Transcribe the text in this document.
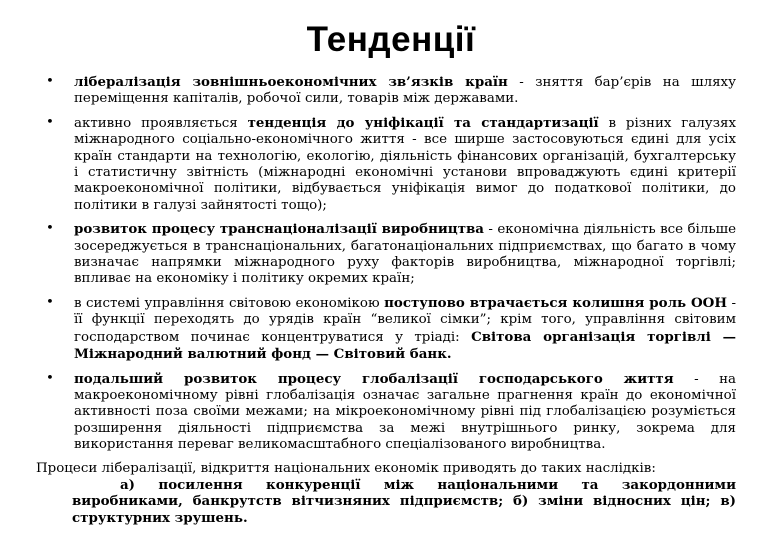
Тенденції
•	лібералізація зовнішньоекономічних зв’язків країн - зняття бар’єрів на шляху переміщення капіталів, робочої сили, товарів між державами.
•	активно проявляється тенденція до уніфікації та стандартизації в різних галузях міжнародного соціально-економічного життя - все ширше застосовуються єдині для усіх країн стандарти на технологію, екологію, діяльність фінансових організацій, бухгалтерську і статистичну звітність (міжнародні економічні установи впроваджують єдині критерії макроекономічної політики, відбувається уніфікація вимог до податкової політики, до політики в галузі зайнятості тощо);
•	розвиток процесу транснаціоналізації виробництва - економічна діяльність все більше зосереджується в транснаціональних, багатонаціональних підприємствах, що багато в чому визначає напрямки міжнародного руху факторів виробництва, міжнародної торгівлі; впливає на економіку і політику окремих країн;
•	в системі управління світовою економікою поступово втрачається колишня роль ООН - її функції переходять до урядів країн “великої сімки”; крім того, управління світовим господарством починає концентруватися у тріаді: Світова організація торгівлі — Міжнародний валютний фонд — Світовий банк.
•	подальший розвиток процесу глобалізації господарського життя - на макроекономічному рівні глобалізація означає загальне прагнення країн до економічної активності поза своїми межами; на мікроекономічному рівні під глобалізацією розуміється розширення діяльності підприємства за межі внутрішнього ринку, зокрема для використання переваг великомасштабного спеціалізованого виробництва.

Процеси лібералізації, відкриття національних економік приводять до таких наслідків:

а) посилення конкуренції між національними та закордонними виробниками, банкрутств вітчизняних підприємств; б) зміни відносних цін; в) структурних зрушень.
